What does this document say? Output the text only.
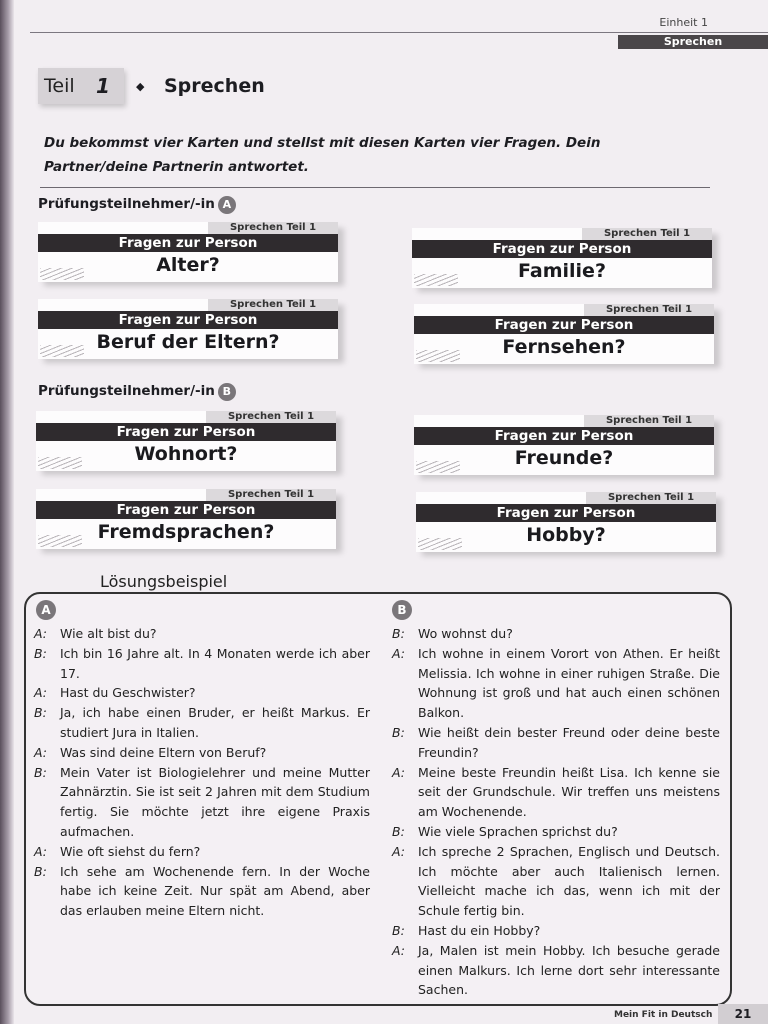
Einheit 1
Sprechen
Teil 1 ◆ Sprechen
Du bekommst vier Karten und stellst mit diesen Karten vier Fragen. Dein Partner/deine Partnerin antwortet.
Prüfungsteilnehmer/-in A
Sprechen Teil 1
Fragen zur Person
Alter?
Sprechen Teil 1
Fragen zur Person
Familie?
Sprechen Teil 1
Fragen zur Person
Beruf der Eltern?
Sprechen Teil 1
Fragen zur Person
Fernsehen?
Prüfungsteilnehmer/-in B
Sprechen Teil 1
Fragen zur Person
Wohnort?
Sprechen Teil 1
Fragen zur Person
Freunde?
Sprechen Teil 1
Fragen zur Person
Fremdsprachen?
Sprechen Teil 1
Fragen zur Person
Hobby?
Lösungsbeispiel
A	B
A:	Wie alt bist du?
B:	Ich bin 16 Jahre alt. In 4 Monaten werde ich aber 17.
A:	Hast du Geschwister?
B:	Ja, ich habe einen Bruder, er heißt Markus. Er studiert Jura in Italien.
A:	Was sind deine Eltern von Beruf?
B:	Mein Vater ist Biologielehrer und meine Mutter Zahnärztin. Sie ist seit 2 Jahren mit dem Studium fertig. Sie möchte jetzt ihre eigene Praxis aufmachen.
A:	Wie oft siehst du fern?
B:	Ich sehe am Wochenende fern. In der Woche habe ich keine Zeit. Nur spät am Abend, aber das erlauben meine Eltern nicht.
B:	Wo wohnst du?
A:	Ich wohne in einem Vorort von Athen. Er heißt Melissia. Ich wohne in einer ruhigen Straße. Die Wohnung ist groß und hat auch einen schönen Balkon.
B:	Wie heißt dein bester Freund oder deine beste Freundin?
A:	Meine beste Freundin heißt Lisa. Ich kenne sie seit der Grundschule. Wir treffen uns meistens am Wochenende.
B:	Wie viele Sprachen sprichst du?
A:	Ich spreche 2 Sprachen, Englisch und Deutsch. Ich möchte aber auch Italienisch lernen. Vielleicht mache ich das, wenn ich mit der Schule fertig bin.
B:	Hast du ein Hobby?
A:	Ja, Malen ist mein Hobby. Ich besuche gerade einen Malkurs. Ich lerne dort sehr interessante Sachen.
Mein Fit in Deutsch	21
